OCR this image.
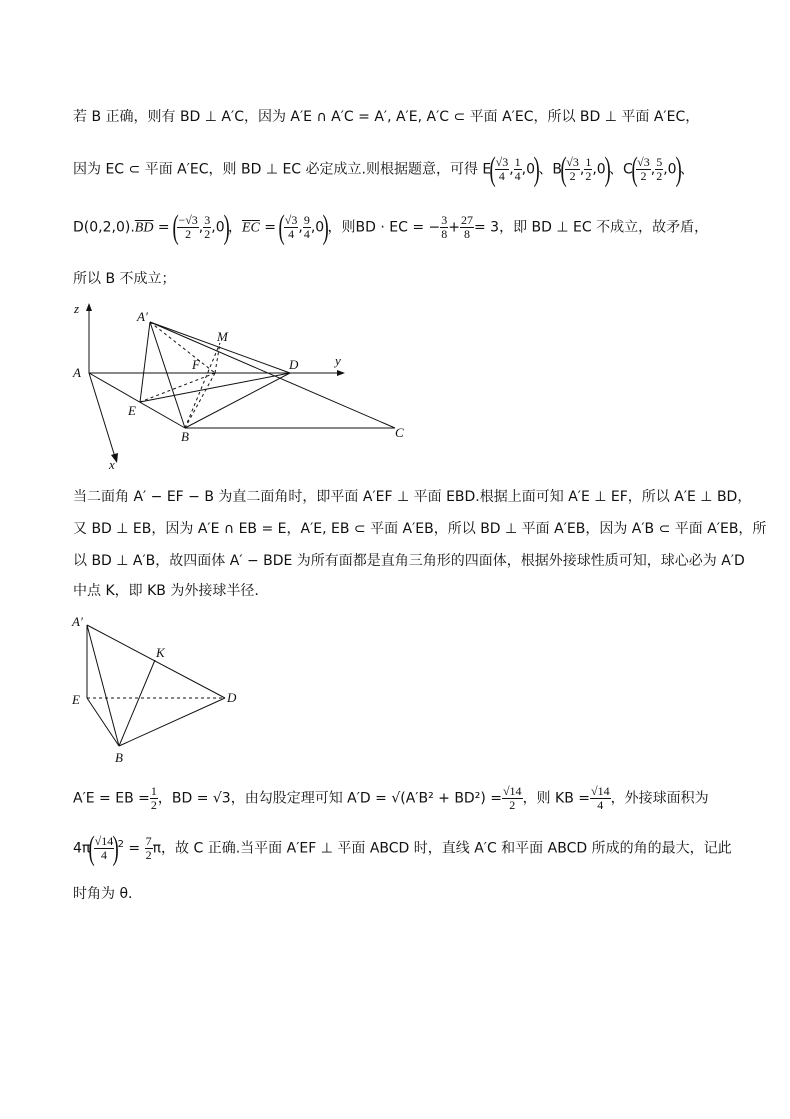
若 B 正确，则有 BD ⊥ A′C，因为 A′E ∩ A′C = A′, A′E, A′C ⊂ 平面 A′EC，所以 BD ⊥ 平面 A′EC，
因为 EC ⊂ 平面 A′EC，则 BD ⊥ EC 必定成立.则根据题意，可得 E(
$\frac{√3}{4}$ , $\frac{1}{4} ,0$)、B(
$\frac{√3}{2}$ , $\frac{1}{2} ,0$)、C(
$\frac{√3}{2}$ , $\frac{5}{2} ,0$)、
$D(0,2,0).\overline{BD}$ = (
$\frac{-√3}{2}$ , $\frac{3}{2} ,0$)，$\overline{EC}$ = (
$\frac{√3}{4}$ , $\frac{9}{4} ,0$)，则BD · EC = − $\frac{3}{8} + \frac{27}{8} = 3$，即 BD ⊥ EC 不成立，故矛盾，
所以 B 不成立；
z
A′
M
F	D	y
A
E
B	C
x
当二面角 A′ − EF − B 为直二面角时，即平面 A′EF ⊥ 平面 EBD.根据上面可知 A′E ⊥ EF，所以 A′E ⊥ BD，
又 BD ⊥ EB，因为 A′E ∩ EB = E，A′E, EB ⊂ 平面 A′EB，所以 BD ⊥ 平面 A′EB，因为 A′B ⊂ 平面 A′EB，所
以 BD ⊥ A′B，故四面体 A′ − BDE 为所有面都是直角三角形的四面体，根据外接球性质可知，球心必为 A′D
中点 K，即 KB 为外接球半径.
A′
K
E	D
B
A′E = EB = $\frac{1}{2}$ ，BD = √3，由勾股定理可知 $A'D = √(A'B^2 + BD^2) = \frac{√14}{2}$ ，则 KB = $\frac{√14}{4}$ ，外接球面积为
4π(
$\frac{√14}{4}$
)$^2 = \frac{7}{2}$ π，故 C 正确.当平面 A′EF ⊥ 平面 ABCD 时，直线 A′C 和平面 ABCD 所成的角的最大，记此
时角为 θ.
